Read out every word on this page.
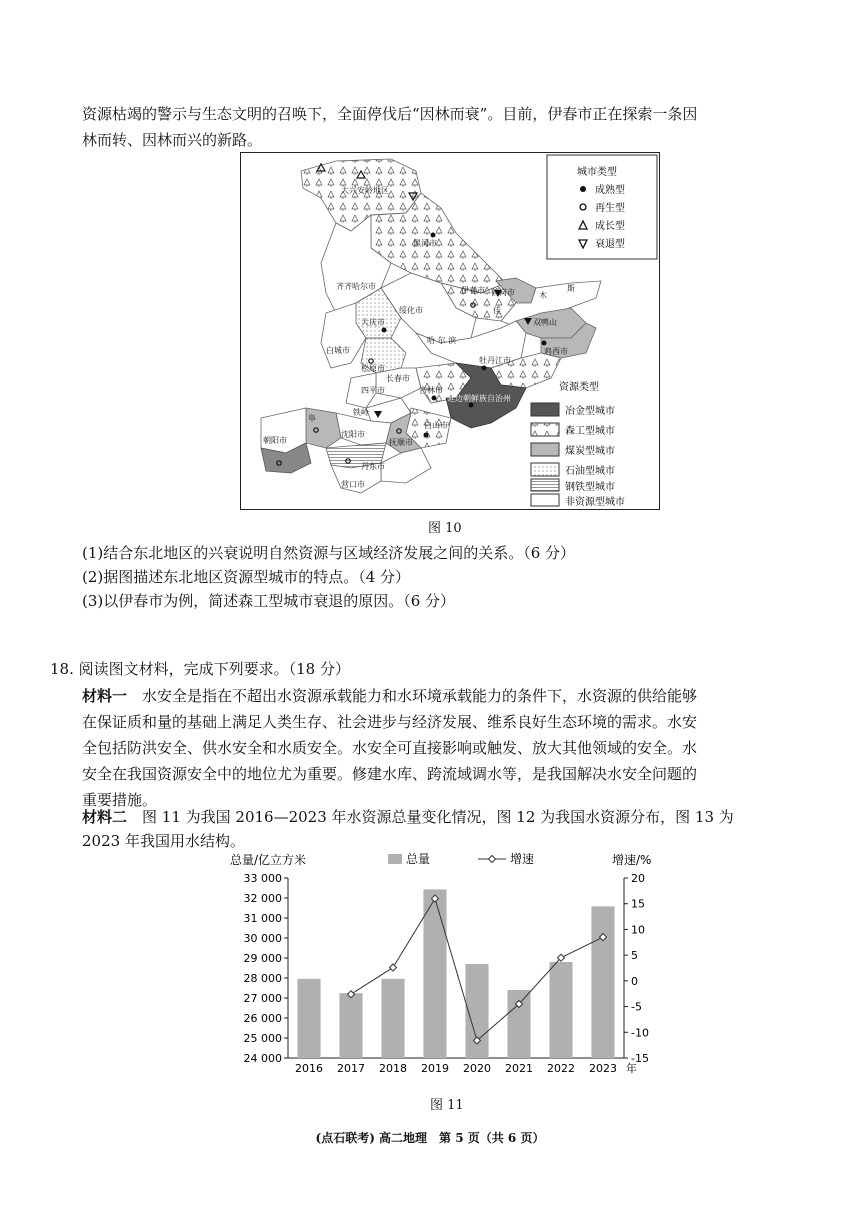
资源枯竭的警示与生态文明的召唤下，全面停伐后“因林而衰”。目前，伊春市正在探索一条因
林而转、因林而兴的新路。
大兴安岭地区
黑河市
齐齐哈尔市	伊春市 鹤岗市	木
斯
佳
双鸭山
鸡西市
绥化市
哈 尔 滨
大庆市
白城市
松原市
长春市
牡丹江市
四平市	吉林市
延边朝鲜族自治州
铁岭
沈阳市
抚顺市
白山市
朝阳市
阜
丹东市
营口市
城市类型
成熟型
再生型
成长型
衰退型
资源类型
冶金型城市
森工型城市
煤炭型城市
石油型城市
钢铁型城市
非资源型城市
图 10
(1)结合东北地区的兴衰说明自然资源与区域经济发展之间的关系。（6 分）
(2)据图描述东北地区资源型城市的特点。（4 分）
(3)以伊春市为例，简述森工型城市衰退的原因。（6 分）
18. 阅读图文材料，完成下列要求。（18 分）
材料一　水安全是指在不超出水资源承载能力和水环境承载能力的条件下，水资源的供给能够
在保证质和量的基础上满足人类生存、社会进步与经济发展、维系良好生态环境的需求。水安
全包括防洪安全、供水安全和水质安全。水安全可直接影响或触发、放大其他领域的安全。水
安全在我国资源安全中的地位尤为重要。修建水库、跨流域调水等，是我国解决水安全问题的
重要措施。
材料二　图 11 为我国 2016—2023 年水资源总量变化情况，图 12 为我国水资源分布，图 13 为
2023 年我国用水结构。
33 000
32 000
31 000
30 000
29 000
28 000
27 000
26 000
25 000
24 000
20
15
10
5
0
-5
-10
-15
2016 2017 2018 2019 2020 2021 2022 2023 年
总量/亿立方米	增速/%
总量	增速
图 11
(点石联考) 高二地理　第 5 页（共 6 页）
